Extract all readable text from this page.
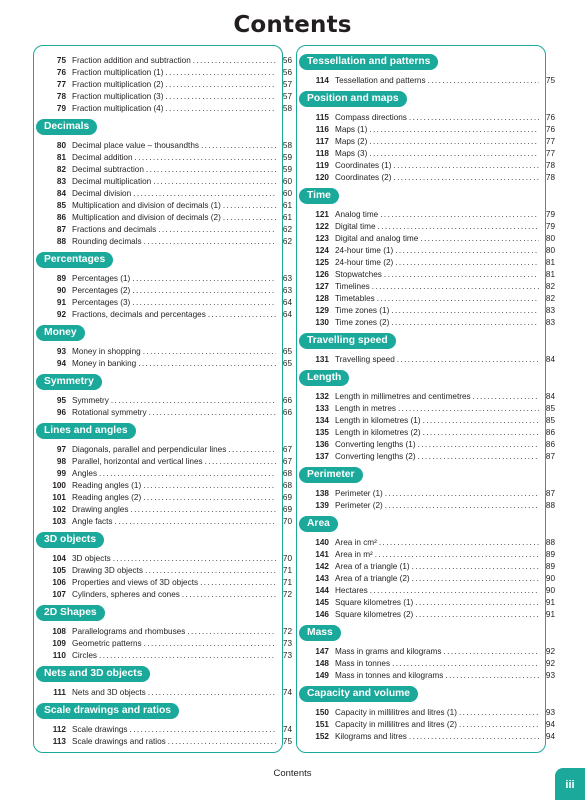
Contents
75 Fraction addition and subtraction .....	56
76 Fraction multiplication (1) .....	56
77 Fraction multiplication (2) .....	57
78 Fraction multiplication (3) .....	57
79 Fraction multiplication (4) .....	58
Decimals
80 Decimal place value – thousandths .....	58
81 Decimal addition .....	59
82 Decimal subtraction .....	59
83 Decimal multiplication .....	60
84 Decimal division .....	60
85 Multiplication and division of decimals (1) .....	61
86 Multiplication and division of decimals (2) .....	61
87 Fractions and decimals .....	62
88 Rounding decimals .....	62
Percentages
89 Percentages (1) .....	63
90 Percentages (2) .....	63
91 Percentages (3) .....	64
92 Fractions, decimals and percentages .....	64
Money
93 Money in shopping .....	65
94 Money in banking .....	65
Symmetry
95 Symmetry .....	66
96 Rotational symmetry .....	66
Lines and angles
97 Diagonals, parallel and perpendicular lines .....	67
98 Parallel, horizontal and vertical lines .....	67
99 Angles .....	68
100 Reading angles (1) .....	68
101 Reading angles (2) .....	69
102 Drawing angles .....	69
103 Angle facts .....	70
3D objects
104 3D objects .....	70
105 Drawing 3D objects .....	71
106 Properties and views of 3D objects .....	71
107 Cylinders, spheres and cones .....	72
2D Shapes
108 Parallelograms and rhombuses .....	72
109 Geometric patterns .....	73
110 Circles .....	73
Nets and 3D objects
111 Nets and 3D objects .....	74
Scale drawings and ratios
112 Scale drawings .....	74
113 Scale drawings and ratios .....	75
Tessellation and patterns
114 Tessellation and patterns .....	75
Position and maps
115 Compass directions .....	76
116 Maps (1) .....	76
117 Maps (2) .....	77
118 Maps (3) .....	77
119 Coordinates (1) .....	78
120 Coordinates (2) .....	78
Time
121 Analog time .....	79
122 Digital time .....	79
123 Digital and analog time .....	80
124 24-hour time (1) .....	80
125 24-hour time (2) .....	81
126 Stopwatches .....	81
127 Timelines .....	82
128 Timetables .....	82
129 Time zones (1) .....	83
130 Time zones (2) .....	83
Travelling speed
131 Travelling speed .....	84
Length
132 Length in millimetres and centimetres .....	84
133 Length in metres .....	85
134 Length in kilometres (1) .....	85
135 Length in kilometres (2) .....	86
136 Converting lengths (1) .....	86
137 Converting lengths (2) .....	87
Perimeter
138 Perimeter (1) .....	87
139 Perimeter (2) .....	88
Area
140 Area in cm² .....	88
141 Area in m² .....	89
142 Area of a triangle (1) .....	89
143 Area of a triangle (2) .....	90
144 Hectares .....	90
145 Square kilometres (1) .....	91
146 Square kilometres (2) .....	91
Mass
147 Mass in grams and kilograms .....	92
148 Mass in tonnes .....	92
149 Mass in tonnes and kilograms .....	93
Capacity and volume
150 Capacity in millilitres and litres (1) .....	93
151 Capacity in millilitres and litres (2) .....	94
152 Kilograms and litres .....	94
Contents
iii
